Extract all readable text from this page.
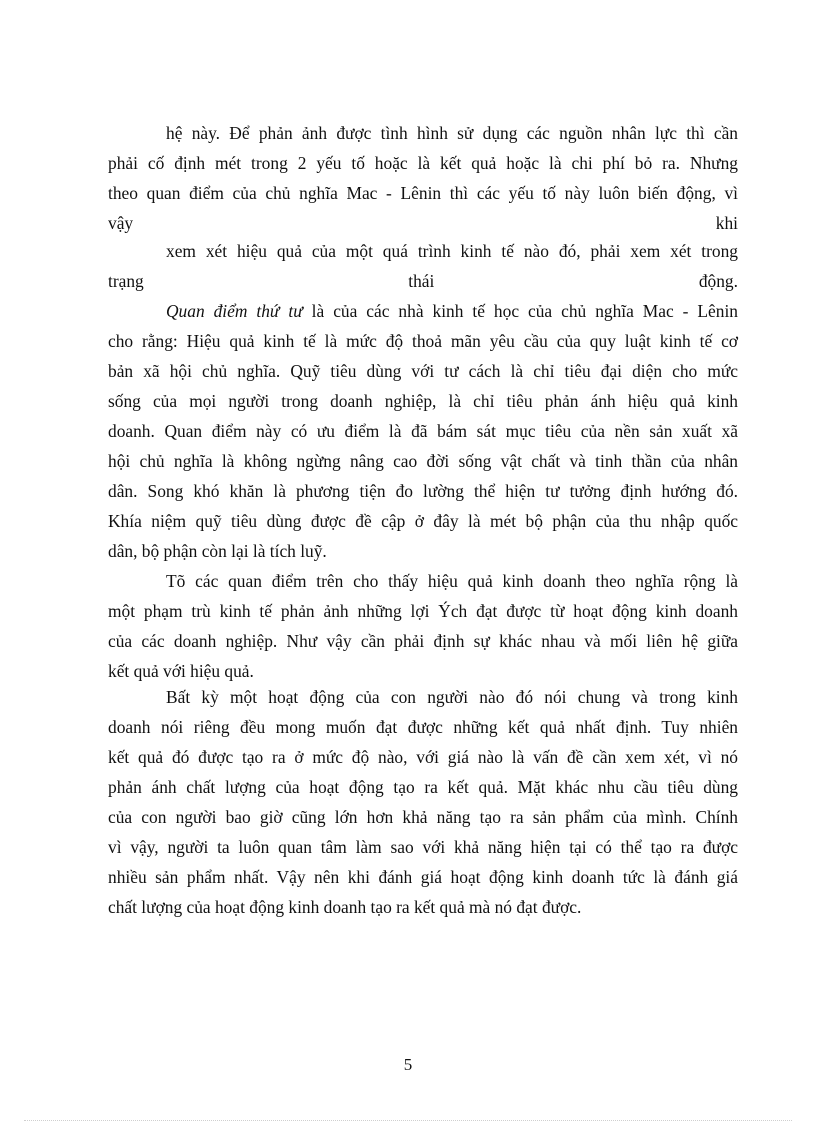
hệ này. Để phản ảnh được tình hình sử dụng các nguồn nhân lực thì cần
phải cố định mét trong 2 yếu tố hoặc là kết quả hoặc là chi phí bỏ ra. Nhưng
theo quan điểm của chủ nghĩa Mac - Lênin thì các yếu tố này luôn biến động, vì
vậy	khi
xem xét hiệu quả của một quá trình kinh tế nào đó, phải xem xét trong
trạng	thái	động.
Quan điểm thứ tư là của các nhà kinh tế học của chủ nghĩa Mac - Lênin
cho rằng: Hiệu quả kinh tế là mức độ thoả mãn yêu cầu của quy luật kinh tế cơ
bản xã hội chủ nghĩa. Quỹ tiêu dùng với tư cách là chỉ tiêu đại diện cho mức
sống của mọi người trong doanh nghiệp, là chỉ tiêu phản ánh hiệu quả kinh
doanh. Quan điểm này có ưu điểm là đã bám sát mục tiêu của nền sản xuất xã
hội chủ nghĩa là không ngừng nâng cao đời sống vật chất và tinh thần của nhân
dân. Song khó khăn là phương tiện đo lường thể hiện tư tưởng định hướng đó.
Khía niệm quỹ tiêu dùng được đề cập ở đây là mét bộ phận của thu nhập quốc
dân, bộ phận còn lại là tích luỹ.
Tõ các quan điểm trên cho thấy hiệu quả kinh doanh theo nghĩa rộng là
một phạm trù kinh tế phản ảnh những lợi Ých đạt được từ hoạt động kinh doanh
của các doanh nghiệp. Như vậy cần phải định sự khác nhau và mối liên hệ giữa
kết quả với hiệu quả.
Bất kỳ một hoạt động của con người nào đó nói chung và trong kinh
doanh nói riêng đều mong muốn đạt được những kết quả nhất định. Tuy nhiên
kết quả đó được tạo ra ở mức độ nào, với giá nào là vấn đề cần xem xét, vì nó
phản ánh chất lượng của hoạt động tạo ra kết quả. Mặt khác nhu cầu tiêu dùng
của con người bao giờ cũng lớn hơn khả năng tạo ra sản phẩm của mình. Chính
vì vậy, người ta luôn quan tâm làm sao với khả năng hiện tại có thể tạo ra được
nhiều sản phẩm nhất. Vậy nên khi đánh giá hoạt động kinh doanh tức là đánh giá
chất lượng của hoạt động kinh doanh tạo ra kết quả mà nó đạt được.
5
